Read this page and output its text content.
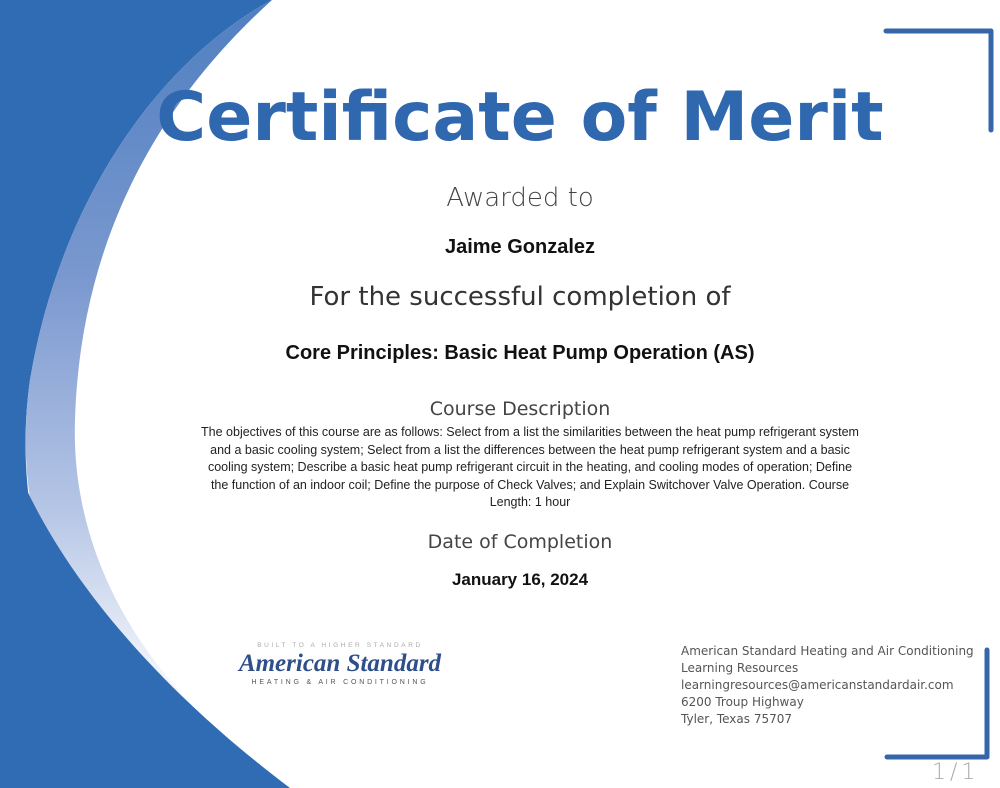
Certificate of Merit
Awarded to
Jaime Gonzalez
For the successful completion of
Core Principles: Basic Heat Pump Operation (AS)
Course Description
The objectives of this course are as follows: Select from a list the similarities between the heat pump refrigerant system and a basic cooling system; Select from a list the differences between the heat pump refrigerant system and a basic cooling system; Describe a basic heat pump refrigerant circuit in the heating, and cooling modes of operation; Define the function of an indoor coil; Define the purpose of Check Valves; and Explain Switchover Valve Operation. Course Length: 1 hour
Date of Completion
January 16, 2024
BUILT TO A HIGHER STANDARD
American Standard
HEATING & AIR CONDITIONING
American Standard Heating and Air Conditioning
Learning Resources
learningresources@americanstandardair.com
6200 Troup Highway
Tyler, Texas 75707
1/1
